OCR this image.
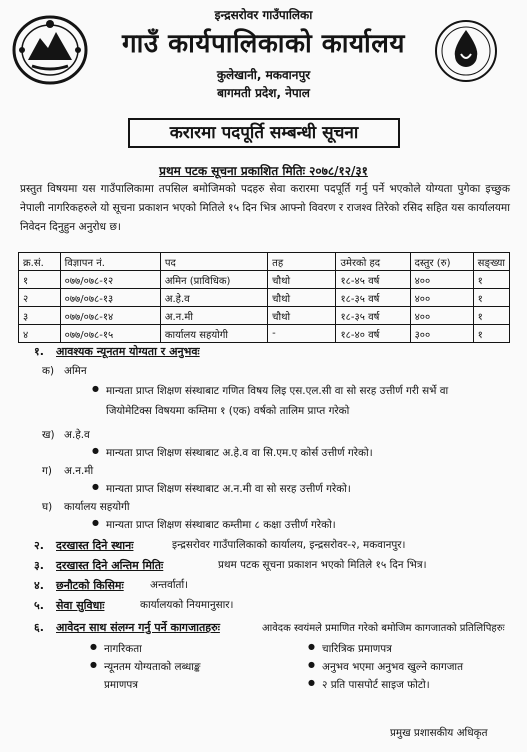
इन्द्रसरोवर गाउँपालिका
गाउँ कार्यपालिकाको कार्यालय
कुलेखानी, मकवानपुर
बागमती प्रदेश, नेपाल
करारमा पदपूर्ति सम्बन्धी सूचना
प्रथम पटक सूचना प्रकाशित मितिः २०७८/१२/३१
प्रस्तुत विषयमा यस गाउँपालिकामा तपसिल बमोजिमको पदहरु सेवा करारमा पदपूर्ति गर्नु पर्ने भएकोले योग्यता पुगेका इच्छुक नेपाली नागरिकहरुले यो सूचना प्रकाशन भएको मितिले १५ दिन भित्र आफ्नो विवरण र राजश्व तिरेको रसिद सहित यस कार्यालयमा निवेदन दिनुहुन अनुरोध छ।
क्र.सं.	विज्ञापन नं.	पद	तह	उमेरको हद	दस्तुर (रु)	सङ्ख्या
१	०७७/०७८-१२	अमिन (प्राविधिक)	चौथो	१८-४५ वर्ष	४००	१
२	०७७/०७८-१३	अ.हे.व	चौथो	१८-३५ वर्ष	४००	१
३	०७७/०७८-१४	अ.न.मी	चौथो	१८-३५ वर्ष	४००	१
४	०७७/०७८-१५	कार्यालय सहयोगी	-	१८-४० वर्ष	३००	१
१. आवश्यक न्यूनतम योग्यता र अनुभवः
क) अमिन
● मान्यता प्राप्त शिक्षण संस्थाबाट गणित विषय लिइ एस.एल.सी वा सो सरह उत्तीर्ण गरी सर्भे वा
जियोमेटिक्स विषयमा कम्तिमा १ (एक) वर्षको तालिम प्राप्त गरेको
ख) अ.हे.व
● मान्यता प्राप्त शिक्षण संस्थाबाट अ.हे.व वा सि.एम.ए कोर्स उत्तीर्ण गरेको।
ग) अ.न.मी
● मान्यता प्राप्त शिक्षण संस्थाबाट अ.न.मी वा सो सरह उत्तीर्ण गरेको।
घ) कार्यालय सहयोगी
● मान्यता प्राप्त शिक्षण संस्थाबाट कम्तीमा ८ कक्षा उत्तीर्ण गरेको।
२. दरखास्त दिने स्थानः	इन्द्रसरोवर गाउँपालिकाको कार्यालय, इन्द्रसरोवर-२, मकवानपुर।
३. दरखास्त दिने अन्तिम मितिः	प्रथम पटक सूचना प्रकाशन भएको मितिले १५ दिन भित्र।
४. छनौटको किसिमः	अन्तर्वार्ता।
५. सेवा सुविधाः	कार्यालयको नियमानुसार।
६. आवेदन साथ संलग्न गर्नु पर्ने कागजातहरुः	आवेदक स्वयंमले प्रमाणित गरेको बमोजिम कागजातको प्रतिलिपिहरुः
● नागरिकता
● न्यूनतम योग्यताको लब्धाङ्क
प्रमाणपत्र
● चारित्रिक प्रमाणपत्र
● अनुभव भएमा अनुभव खुल्ने कागजात
● २ प्रति पासपोर्ट साइज फोटो।
प्रमुख प्रशासकीय अधिकृत
